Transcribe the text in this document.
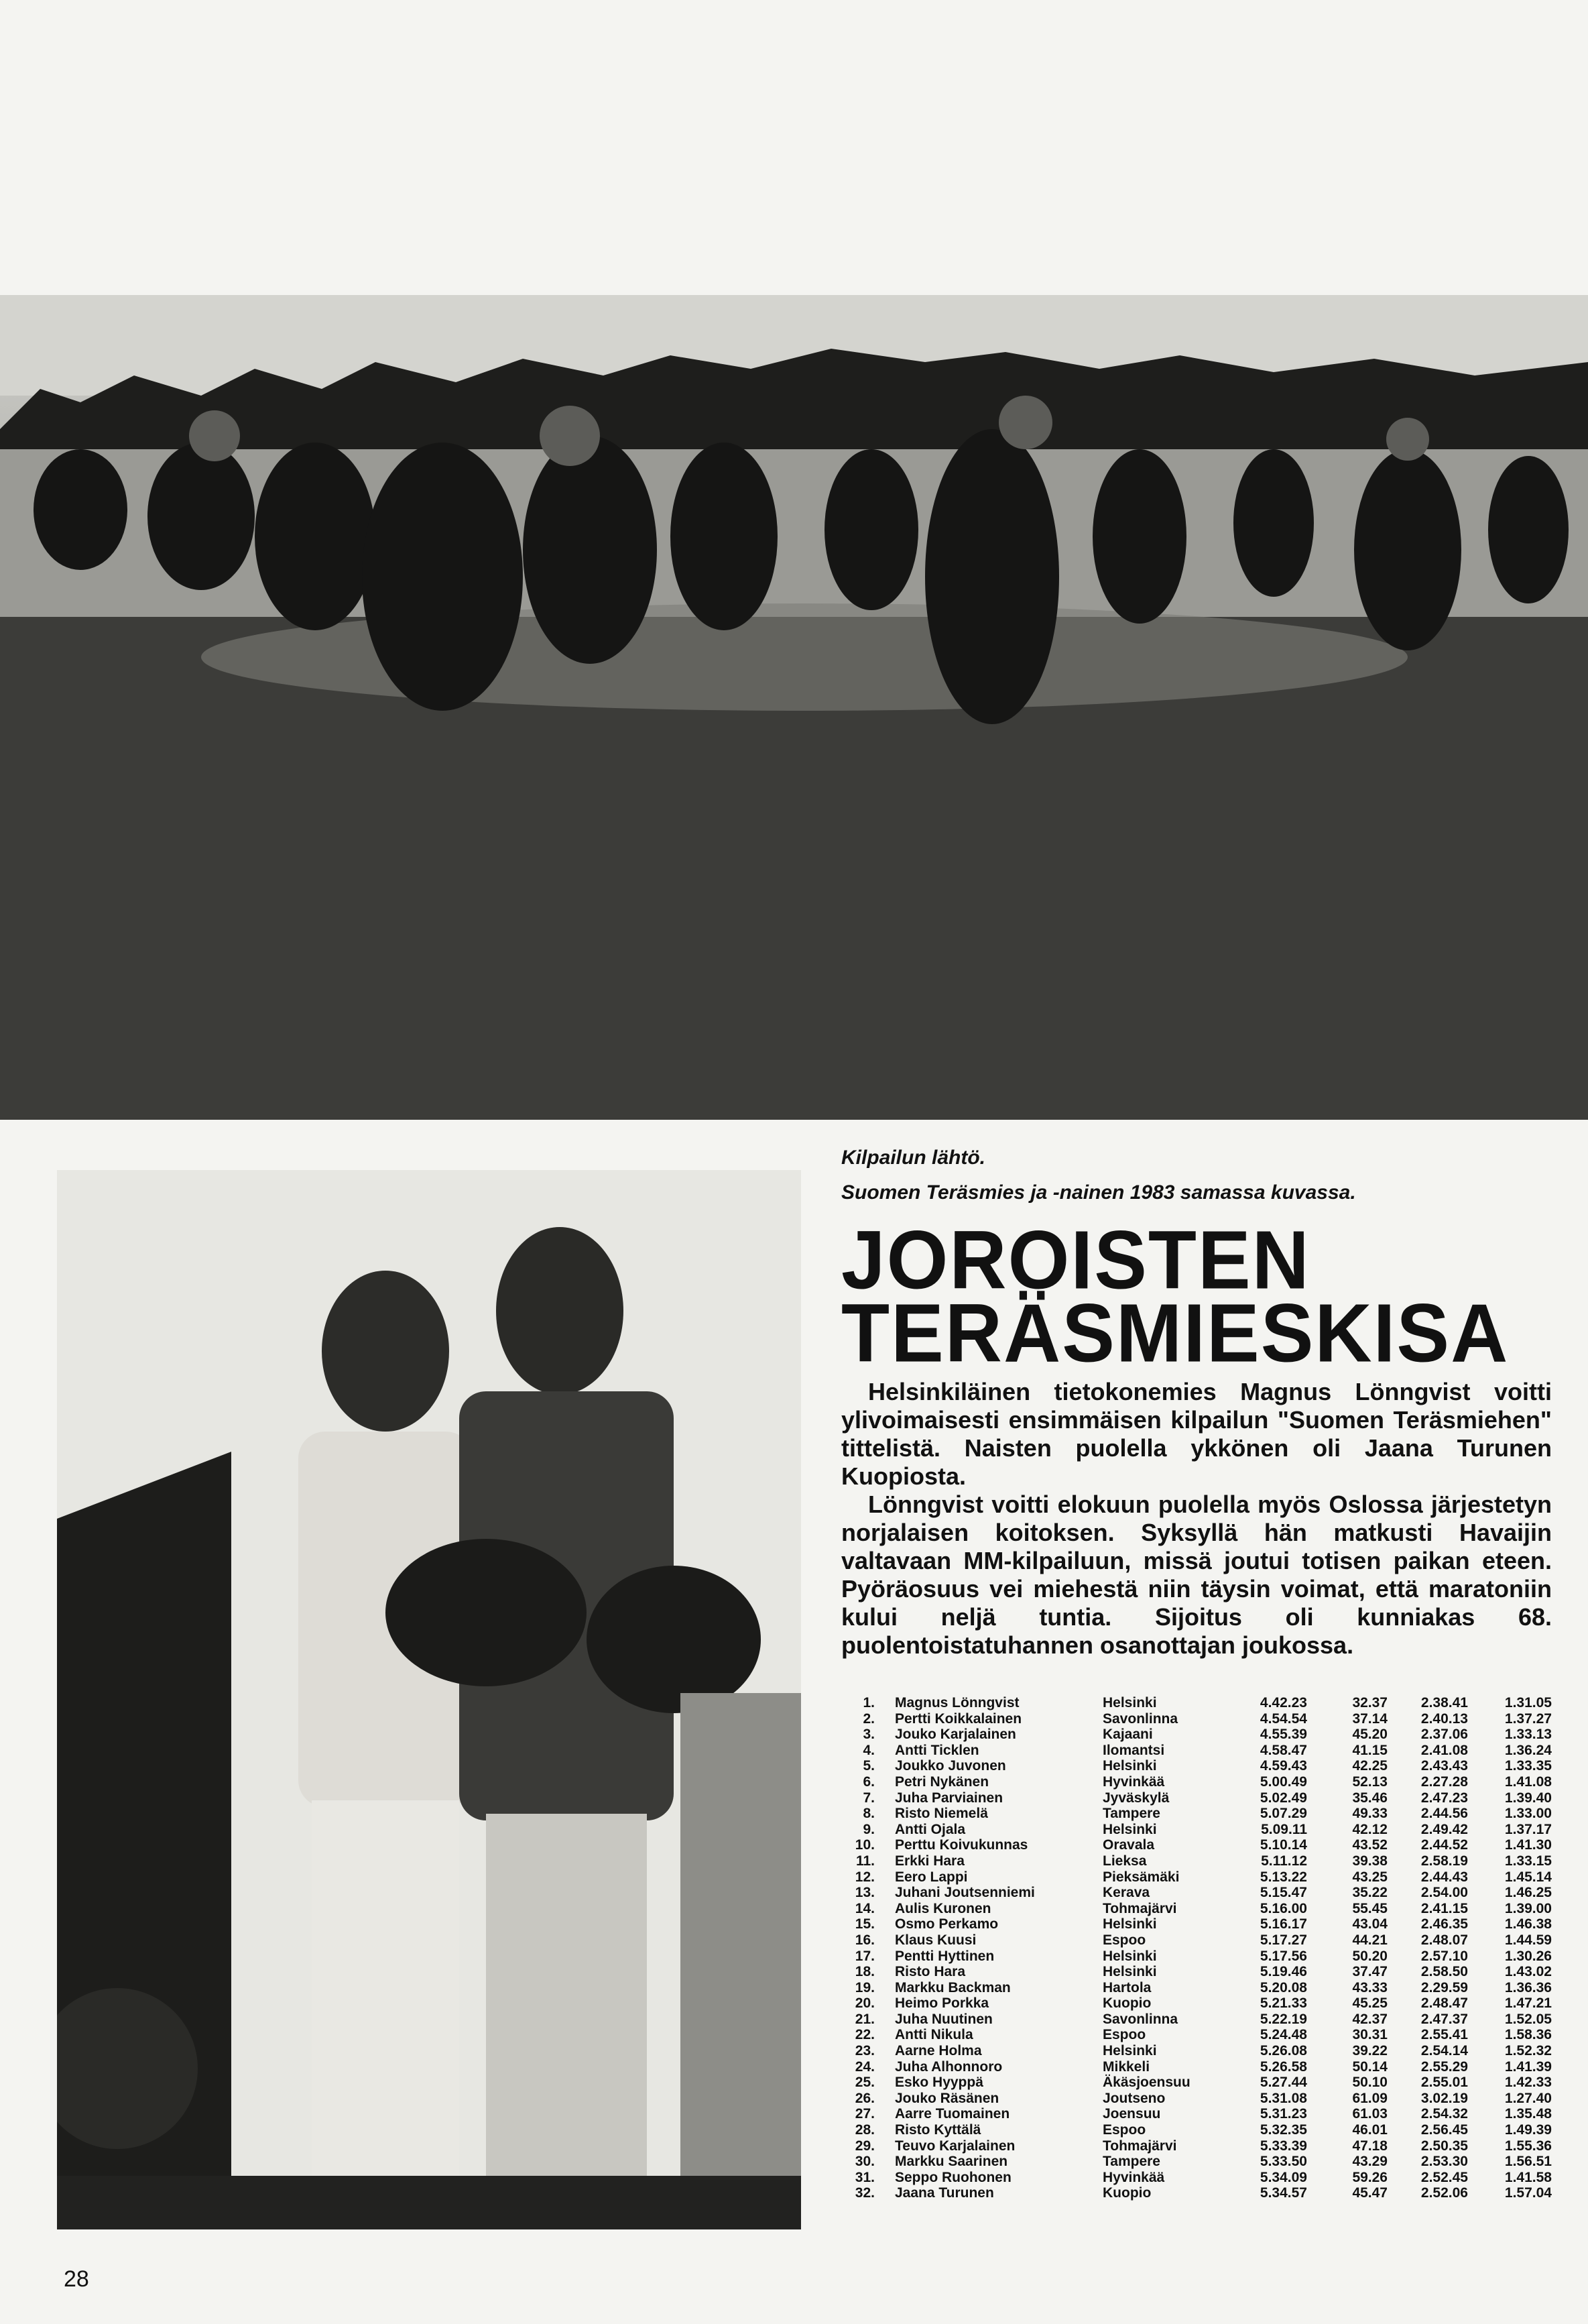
Kilpailun lähtö.
Suomen Teräsmies ja -nainen 1983 samassa kuvassa.
JOROISTEN
TERÄSMIESKISA

Helsinkiläinen tietokonemies Magnus Lönngvist voitti ylivoimaisesti ensimmäisen kilpailun "Suomen Teräsmiehen" tittelistä. Naisten puolella ykkönen oli Jaana Turunen Kuopiosta.

Lönngvist voitti elokuun puolella myös Oslossa järjestetyn norjalaisen koitoksen. Syksyllä hän matkusti Havaijin valtavaan MM-kilpailuun, missä joutui totisen paikan eteen. Pyöräosuus vei miehestä niin täysin voimat, että maratoniin kului neljä tuntia. Sijoitus oli kunniakas 68. puolentoistatuhannen osanottajan joukossa.

1.	Magnus Lönngvist	Helsinki	4.42.23	32.37	2.38.41	1.31.05
2.	Pertti Koikkalainen	Savonlinna	4.54.54	37.14	2.40.13	1.37.27
3.	Jouko Karjalainen	Kajaani	4.55.39	45.20	2.37.06	1.33.13
4.	Antti Ticklen	Ilomantsi	4.58.47	41.15	2.41.08	1.36.24
5.	Joukko Juvonen	Helsinki	4.59.43	42.25	2.43.43	1.33.35
6.	Petri Nykänen	Hyvinkää	5.00.49	52.13	2.27.28	1.41.08
7.	Juha Parviainen	Jyväskylä	5.02.49	35.46	2.47.23	1.39.40
8.	Risto Niemelä	Tampere	5.07.29	49.33	2.44.56	1.33.00
9.	Antti Ojala	Helsinki	5.09.11	42.12	2.49.42	1.37.17
10.	Perttu Koivukunnas	Oravala	5.10.14	43.52	2.44.52	1.41.30
11.	Erkki Hara	Lieksa	5.11.12	39.38	2.58.19	1.33.15
12.	Eero Lappi	Pieksämäki	5.13.22	43.25	2.44.43	1.45.14
13.	Juhani Joutsenniemi	Kerava	5.15.47	35.22	2.54.00	1.46.25
14.	Aulis Kuronen	Tohmajärvi	5.16.00	55.45	2.41.15	1.39.00
15.	Osmo Perkamo	Helsinki	5.16.17	43.04	2.46.35	1.46.38
16.	Klaus Kuusi	Espoo	5.17.27	44.21	2.48.07	1.44.59
17.	Pentti Hyttinen	Helsinki	5.17.56	50.20	2.57.10	1.30.26
18.	Risto Hara	Helsinki	5.19.46	37.47	2.58.50	1.43.02
19.	Markku Backman	Hartola	5.20.08	43.33	2.29.59	1.36.36
20.	Heimo Porkka	Kuopio	5.21.33	45.25	2.48.47	1.47.21
21.	Juha Nuutinen	Savonlinna	5.22.19	42.37	2.47.37	1.52.05
22.	Antti Nikula	Espoo	5.24.48	30.31	2.55.41	1.58.36
23.	Aarne Holma	Helsinki	5.26.08	39.22	2.54.14	1.52.32
24.	Juha Alhonnoro	Mikkeli	5.26.58	50.14	2.55.29	1.41.39
25.	Esko Hyyppä	Äkäsjoensuu	5.27.44	50.10	2.55.01	1.42.33
26.	Jouko Räsänen	Joutseno	5.31.08	61.09	3.02.19	1.27.40
27.	Aarre Tuomainen	Joensuu	5.31.23	61.03	2.54.32	1.35.48
28.	Risto Kyttälä	Espoo	5.32.35	46.01	2.56.45	1.49.39
29.	Teuvo Karjalainen	Tohmajärvi	5.33.39	47.18	2.50.35	1.55.36
30.	Markku Saarinen	Tampere	5.33.50	43.29	2.53.30	1.56.51
31.	Seppo Ruohonen	Hyvinkää	5.34.09	59.26	2.52.45	1.41.58
32.	Jaana Turunen	Kuopio	5.34.57	45.47	2.52.06	1.57.04
28
